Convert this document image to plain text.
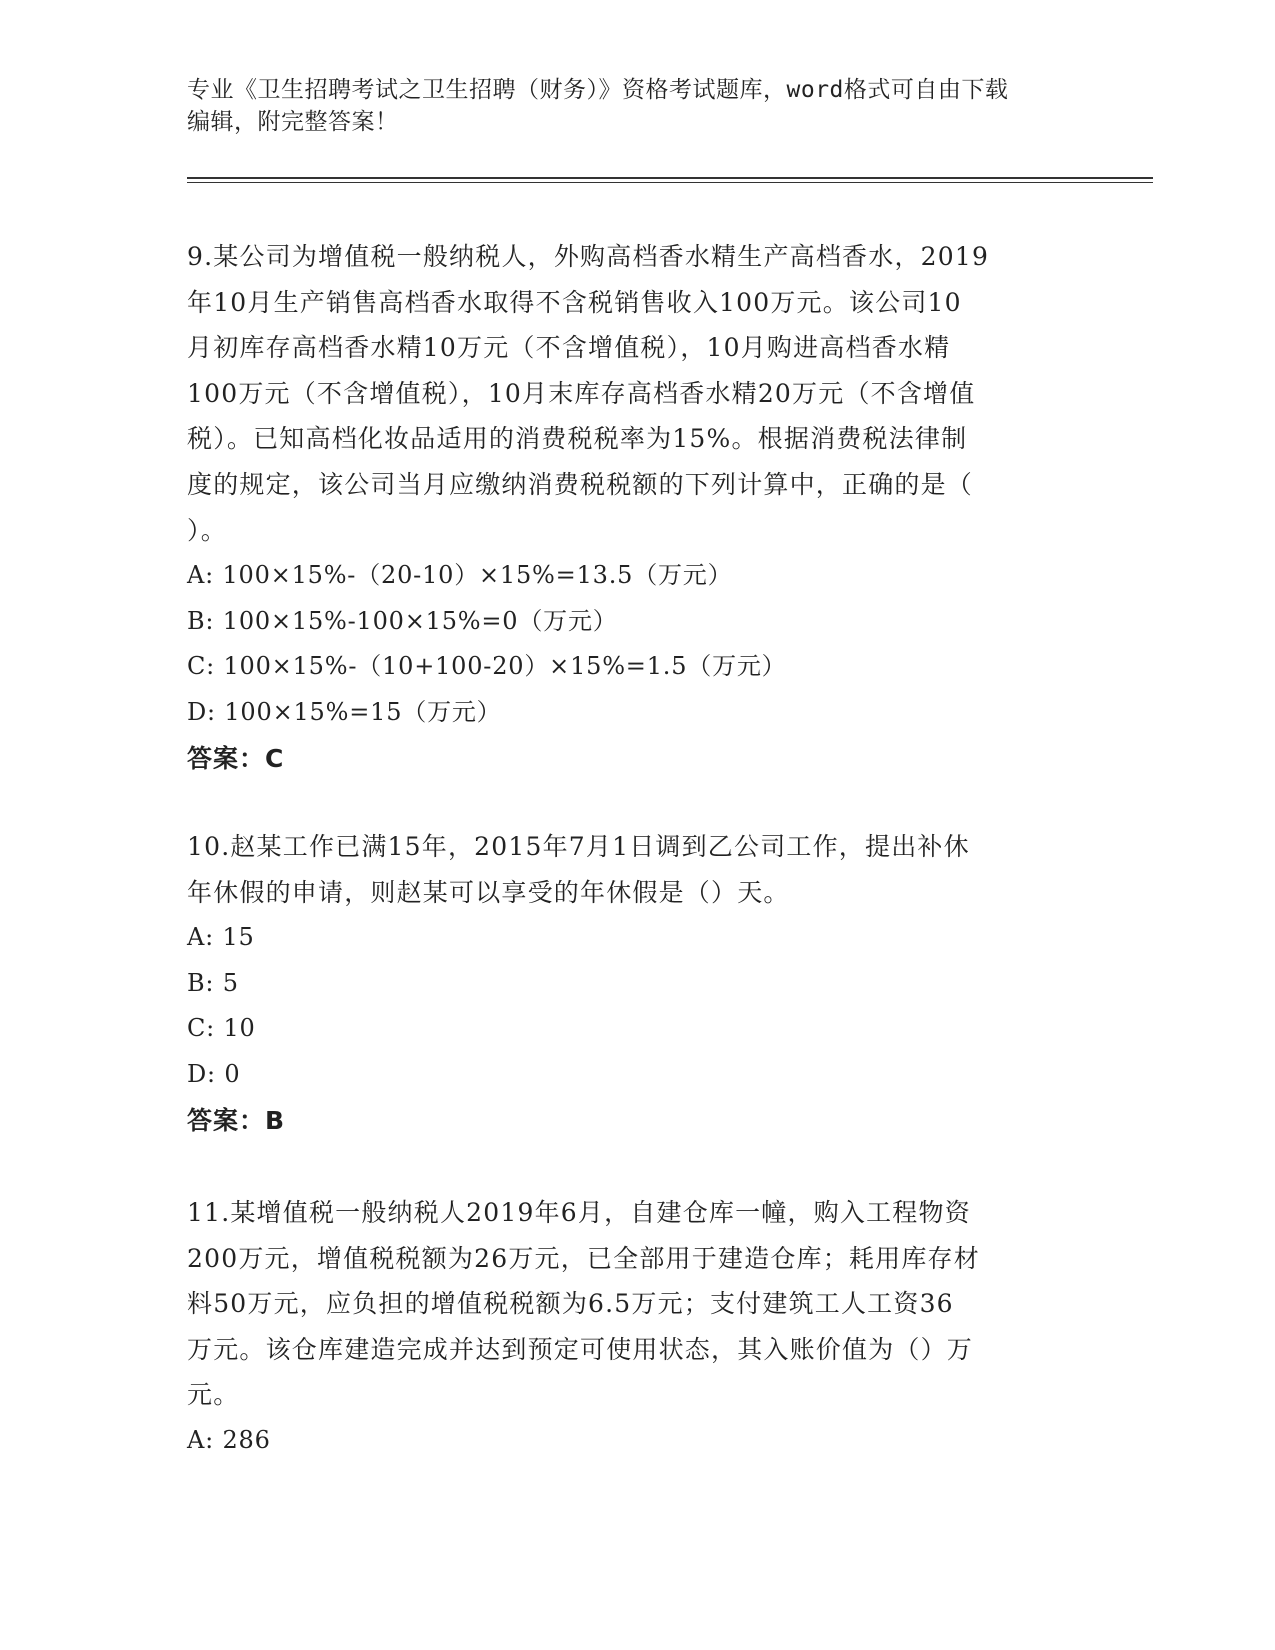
专业《卫生招聘考试之卫生招聘（财务）》资格考试题库，word格式可自由下载

编辑，附完整答案！

9.某公司为增值税一般纳税人，外购高档香水精生产高档香水，2019

年10月生产销售高档香水取得不含税销售收入100万元。该公司10

月初库存高档香水精10万元（不含增值税），10月购进高档香水精

100万元（不含增值税），10月末库存高档香水精20万元（不含增值

税）。已知高档化妆品适用的消费税税率为15%。根据消费税法律制

度的规定，该公司当月应缴纳消费税税额的下列计算中，正确的是（

）。

A: 100×15%-（20-10）×15%=13.5（万元）
B: 100×15%-100×15%=0（万元）
C: 100×15%-（10+100-20）×15%=1.5（万元）
D: 100×15%=15（万元）

答案：C

10.赵某工作已满15年，2015年7月1日调到乙公司工作，提出补休

年休假的申请，则赵某可以享受的年休假是（）天。

A: 15
B: 5
C: 10
D: 0

答案：B

11.某增值税一般纳税人2019年6月，自建仓库一幢，购入工程物资

200万元，增值税税额为26万元，已全部用于建造仓库；耗用库存材

料50万元，应负担的增值税税额为6.5万元；支付建筑工人工资36

万元。该仓库建造完成并达到预定可使用状态，其入账价值为（）万

元。

A: 286
